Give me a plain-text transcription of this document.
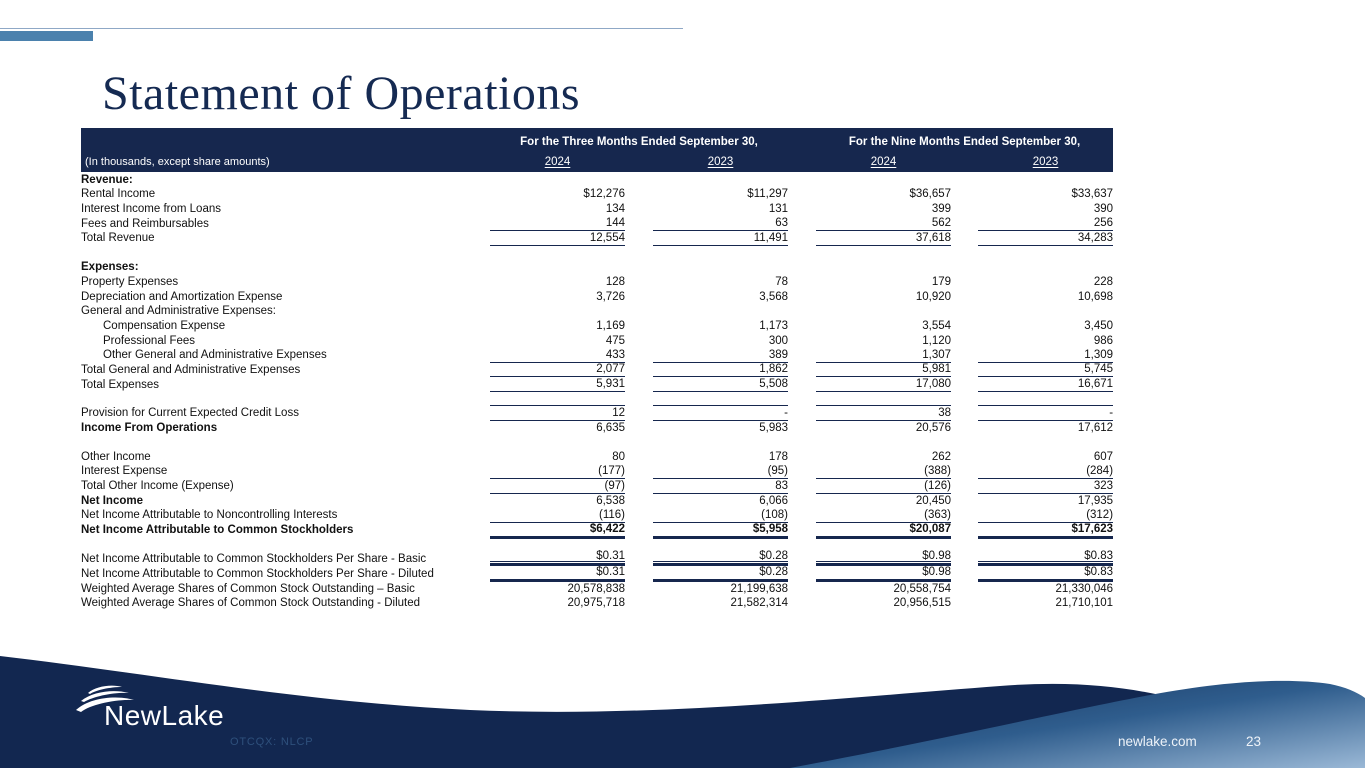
Statement of Operations
	For the Three Months Ended September 30,				For the Nine Months Ended September 30,		
(In thousands, except share amounts)	2024		2023		2024		2023
Revenue:							
Rental Income	$12,276		$11,297		$36,657		$33,637
Interest Income from Loans	134		131		399		390
Fees and Reimbursables	144		63		562		256
Total Revenue	12,554		11,491		37,618		34,283

Expenses:							
Property Expenses	128		78		179		228
Depreciation and Amortization Expense	3,726		3,568		10,920		10,698
General and Administrative Expenses:							
Compensation Expense	1,169		1,173		3,554		3,450
Professional Fees	475		300		1,120		986
Other General and Administrative Expenses	433		389		1,307		1,309
Total General and Administrative Expenses	2,077		1,862		5,981		5,745
Total Expenses	5,931		5,508		17,080		16,671

Provision for Current Expected Credit Loss	12		-		38		-
Income From Operations	6,635		5,983		20,576		17,612

Other Income	80		178		262		607
Interest Expense	(177)		(95)		(388)		(284)
Total Other Income (Expense)	(97)		83		(126)		323
Net Income	6,538		6,066		20,450		17,935
Net Income Attributable to Noncontrolling Interests	(116)		(108)		(363)		(312)
Net Income Attributable to Common Stockholders	$6,422		$5,958		$20,087		$17,623

Net Income Attributable to Common Stockholders Per Share - Basic	$0.31		$0.28		$0.98		$0.83
Net Income Attributable to Common Stockholders Per Share - Diluted	$0.31		$0.28		$0.98		$0.83
Weighted Average Shares of Common Stock Outstanding – Basic	20,578,838		21,199,638		20,558,754		21,330,046
Weighted Average Shares of Common Stock Outstanding - Diluted	20,975,718		21,582,314		20,956,515		21,710,101
NewLake
OTCQX: NLCP	newlake.com	23
